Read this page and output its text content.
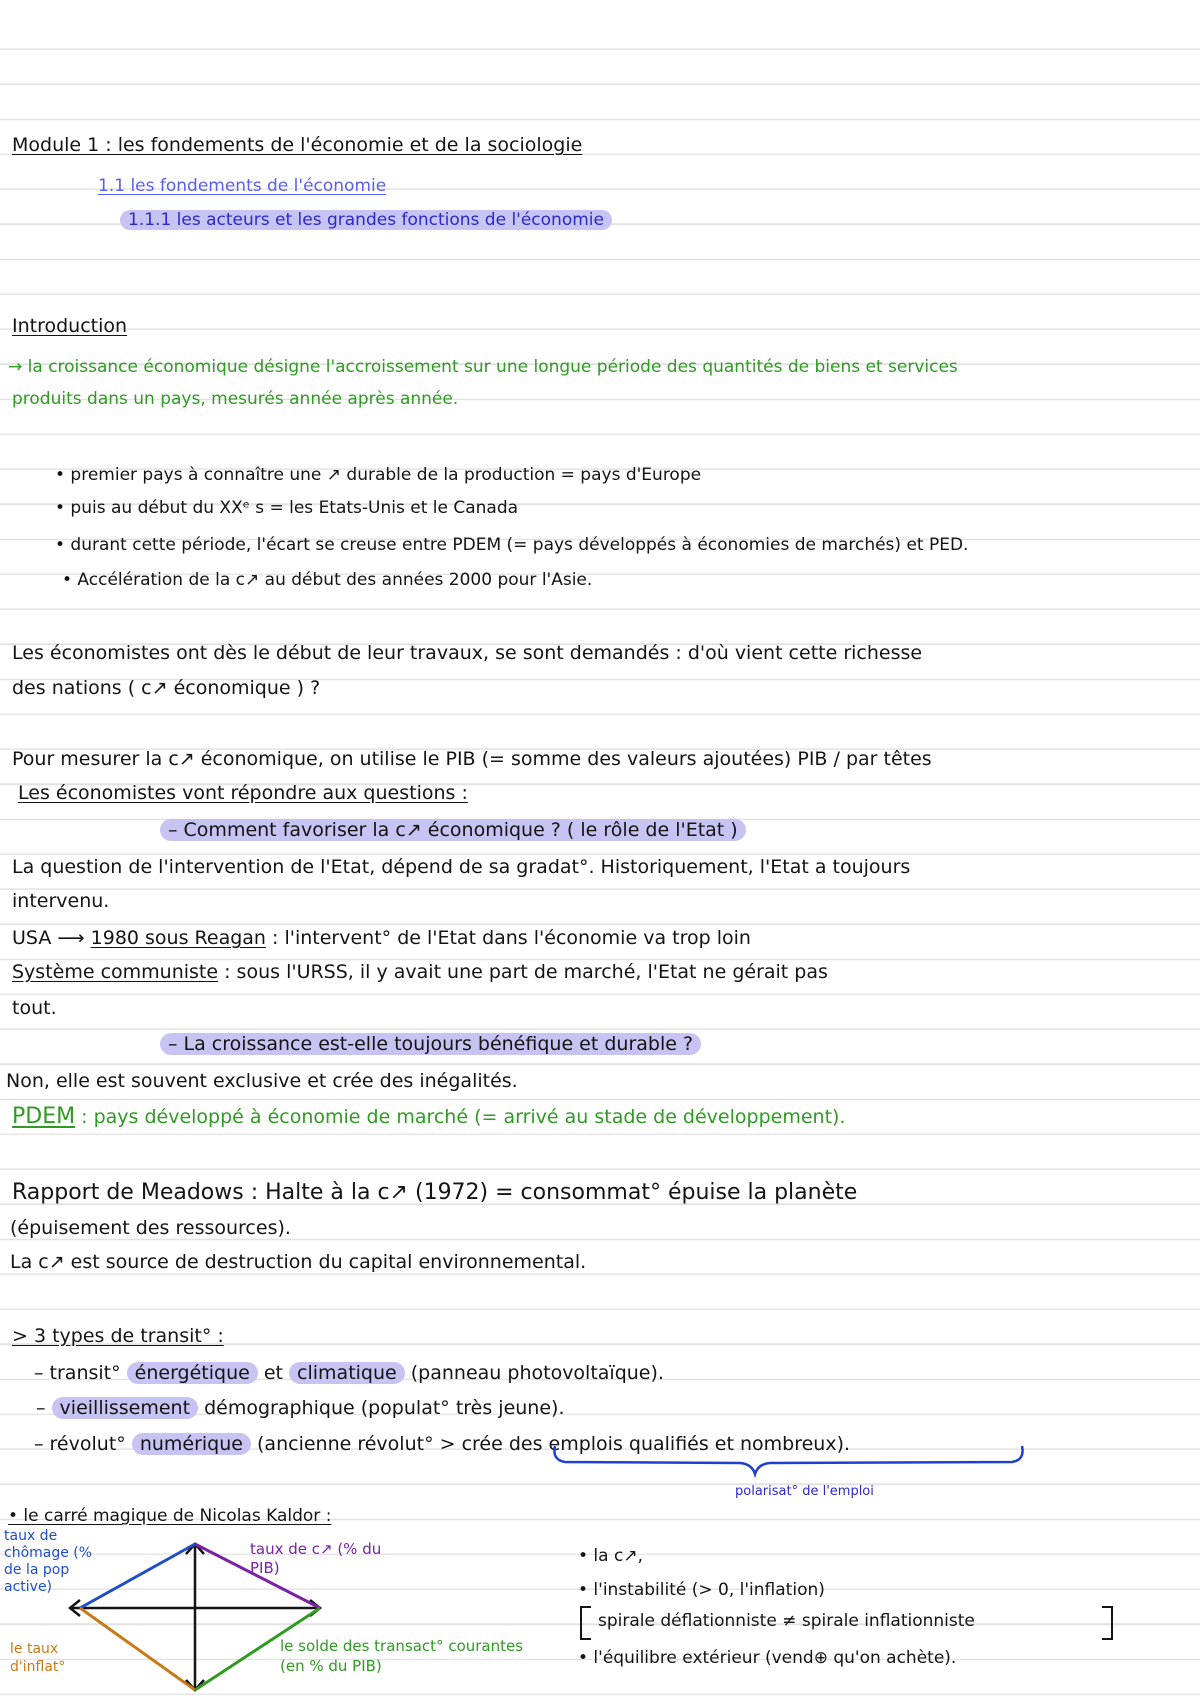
Module 1 : les fondements de l'économie et de la sociologie
1.1 les fondements de l'économie
1.1.1 les acteurs et les grandes fonctions de l'économie
Introduction
→ la croissance économique désigne l'accroissement sur une longue période des quantités de biens et services
produits dans un pays, mesurés année après année.
• premier pays à connaître une ↗ durable de la production = pays d'Europe
• puis au début du XXᵉ s = les Etats-Unis et le Canada
• durant cette période, l'écart se creuse entre PDEM (= pays développés à économies de marchés) et PED.
• Accélération de la c↗ au début des années 2000 pour l'Asie.
Les économistes ont dès le début de leur travaux, se sont demandés : d'où vient cette richesse
des nations ( c↗ économique ) ?
Pour mesurer la c↗ économique, on utilise le PIB (= somme des valeurs ajoutées) PIB / par têtes
Les économistes vont répondre aux questions :
– Comment favoriser la c↗ économique ? ( le rôle de l'Etat )
La question de l'intervention de l'Etat, dépend de sa gradat°. Historiquement, l'Etat a toujours
intervenu.
USA ⟶ 1980 sous Reagan : l'intervent° de l'Etat dans l'économie va trop loin
Système communiste : sous l'URSS, il y avait une part de marché, l'Etat ne gérait pas
tout.
– La croissance est-elle toujours bénéfique et durable ?
Non, elle est souvent exclusive et crée des inégalités.
PDEM : pays développé à économie de marché (= arrivé au stade de développement).
Rapport de Meadows : Halte à la c↗ (1972) = consommat° épuise la planète
(épuisement des ressources).
La c↗ est source de destruction du capital environnemental.
> 3 types de transit° :
– transit° énergétique et climatique (panneau photovoltaïque).
– vieillissement démographique (populat° très jeune).
– révolut° numérique (ancienne révolut° > crée des emplois qualifiés et nombreux).
polarisat° de l'emploi
• le carré magique de Nicolas Kaldor :
taux de chômage (% de la pop active)
taux de c↗ (% du PIB)
le taux d'inflat°
le solde des transact° courantes (en % du PIB)
• la c↗,
• l'instabilité (> 0, l'inflation)
spirale déflationniste ≠ spirale inflationniste
• l'équilibre extérieur (vend⊕ qu'on achète).
